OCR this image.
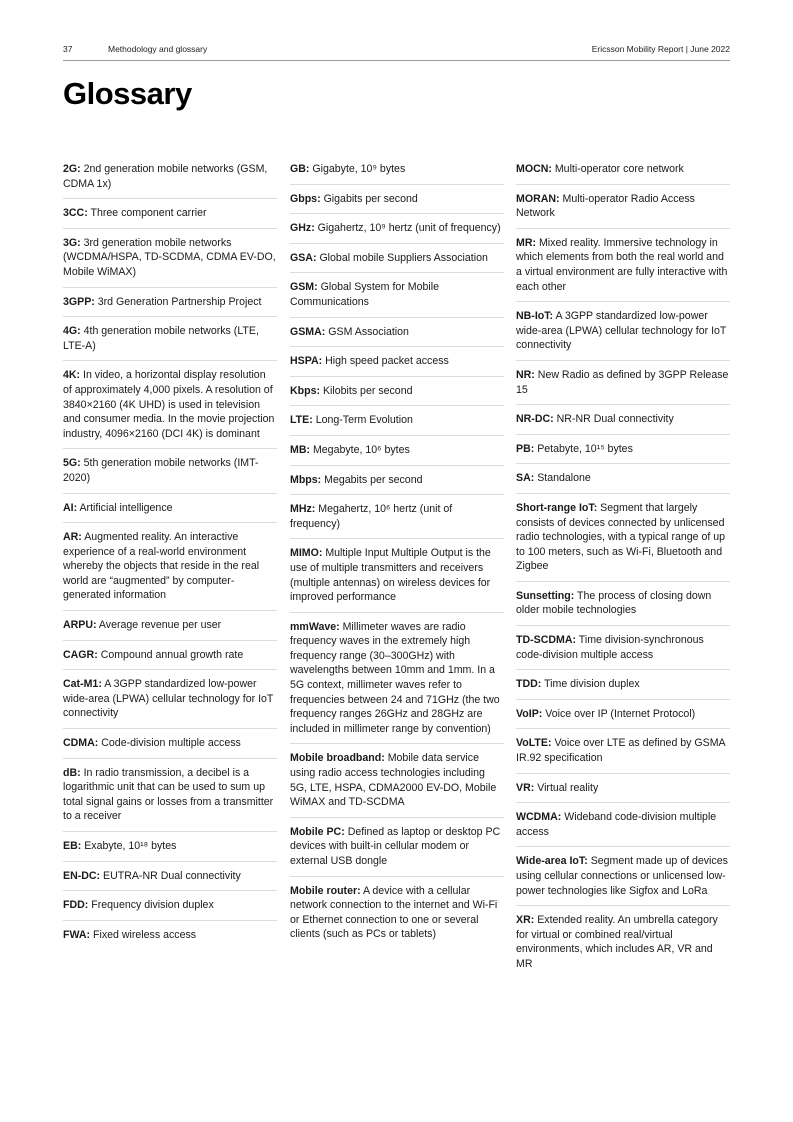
37	Methodology and glossary	Ericsson Mobility Report | June 2022
Glossary
2G: 2nd generation mobile networks (GSM, CDMA 1x)
3CC: Three component carrier
3G: 3rd generation mobile networks (WCDMA/HSPA, TD-SCDMA, CDMA EV-DO, Mobile WiMAX)
3GPP: 3rd Generation Partnership Project
4G: 4th generation mobile networks (LTE, LTE-A)
4K: In video, a horizontal display resolution of approximately 4,000 pixels. A resolution of 3840×2160 (4K UHD) is used in television and consumer media. In the movie projection industry, 4096×2160 (DCI 4K) is dominant
5G: 5th generation mobile networks (IMT-2020)
AI: Artificial intelligence
AR: Augmented reality. An interactive experience of a real-world environment whereby the objects that reside in the real world are “augmented” by computer-generated information
ARPU: Average revenue per user
CAGR: Compound annual growth rate
Cat-M1: A 3GPP standardized low-power wide-area (LPWA) cellular technology for IoT connectivity
CDMA: Code-division multiple access
dB: In radio transmission, a decibel is a logarithmic unit that can be used to sum up total signal gains or losses from a transmitter to a receiver
EB: Exabyte, 10¹⁸ bytes
EN-DC: EUTRA-NR Dual connectivity
FDD: Frequency division duplex
FWA: Fixed wireless access
GB: Gigabyte, 10⁹ bytes
Gbps: Gigabits per second
GHz: Gigahertz, 10⁹ hertz (unit of frequency)
GSA: Global mobile Suppliers Association
GSM: Global System for Mobile Communications
GSMA: GSM Association
HSPA: High speed packet access
Kbps: Kilobits per second
LTE: Long-Term Evolution
MB: Megabyte, 10⁶ bytes
Mbps: Megabits per second
MHz: Megahertz, 10⁶ hertz (unit of frequency)
MIMO: Multiple Input Multiple Output is the use of multiple transmitters and receivers (multiple antennas) on wireless devices for improved performance
mmWave: Millimeter waves are radio frequency waves in the extremely high frequency range (30–300GHz) with wavelengths between 10mm and 1mm. In a 5G context, millimeter waves refer to frequencies between 24 and 71GHz (the two frequency ranges 26GHz and 28GHz are included in millimeter range by convention)
Mobile broadband: Mobile data service using radio access technologies including 5G, LTE, HSPA, CDMA2000 EV-DO, Mobile WiMAX and TD-SCDMA
Mobile PC: Defined as laptop or desktop PC devices with built-in cellular modem or external USB dongle
Mobile router: A device with a cellular network connection to the internet and Wi-Fi or Ethernet connection to one or several clients (such as PCs or tablets)
MOCN: Multi-operator core network
MORAN: Multi-operator Radio Access Network
MR: Mixed reality. Immersive technology in which elements from both the real world and a virtual environment are fully interactive with each other
NB-IoT: A 3GPP standardized low-power wide-area (LPWA) cellular technology for IoT connectivity
NR: New Radio as defined by 3GPP Release 15
NR-DC: NR-NR Dual connectivity
PB: Petabyte, 10¹⁵ bytes
SA: Standalone
Short-range IoT: Segment that largely consists of devices connected by unlicensed radio technologies, with a typical range of up to 100 meters, such as Wi-Fi, Bluetooth and Zigbee
Sunsetting: The process of closing down older mobile technologies
TD-SCDMA: Time division-synchronous code-division multiple access
TDD: Time division duplex
VoIP: Voice over IP (Internet Protocol)
VoLTE: Voice over LTE as defined by GSMA IR.92 specification
VR: Virtual reality
WCDMA: Wideband code-division multiple access
Wide-area IoT: Segment made up of devices using cellular connections or unlicensed low-power technologies like Sigfox and LoRa
XR: Extended reality. An umbrella category for virtual or combined real/virtual environments, which includes AR, VR and MR
